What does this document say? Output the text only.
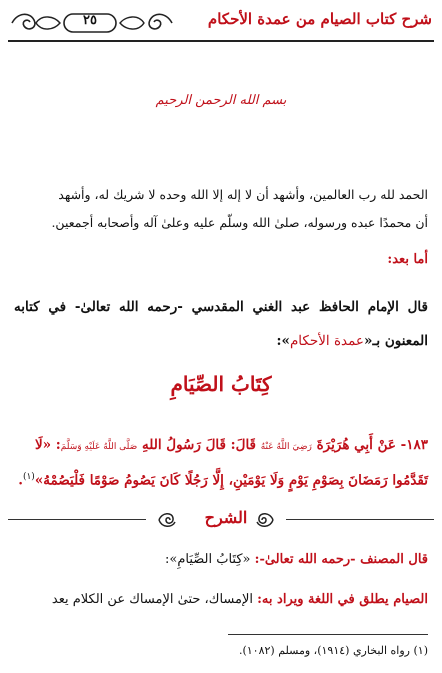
٢٥	شرح كتاب الصيام من عمدة الأحكام
بسم الله الرحمن الرحيم
الحمد لله رب العالمين، وأشهد أن لا إله إلا الله وحده لا شريك له، وأشهد
أن محمدًا عبده ورسوله، صلىٰ الله وسلّم عليه وعلىٰ آله وأصحابه أجمعين.
أما بعد:
قال الإمام الحافظ عبد الغني المقدسي -رحمه الله تعالىٰ- في كتابه المعنون بـ«عمدة الأحكام»:
كِتَابُ الصِّيَامِ
١٨٣- عَنْ أَبِي هُرَيْرَةَ رَضِيَ اللَّهُ عَنْهُ قَالَ: قَالَ رَسُولُ اللهِ صَلَّى اللَّهُ عَلَيْهِ وَسَلَّمَ: «لَا تَقَدَّمُوا رَمَضَانَ بِصَوْمِ يَوْمٍ وَلَا يَوْمَيْنِ، إِلَّا رَجُلًا كَانَ يَصُومُ صَوْمًا فَلْيَصُمْهُ»$^{(١)}$.
الشرح
قال المصنف -رحمه الله تعالىٰ-: «كِتَابُ الصِّيَامِ»:
الصيام يطلق في اللغة ويراد به: الإمساك، حتىٰ الإمساك عن الكلام يعد
(١) رواه البخاري (١٩١٤)، ومسلم (١٠٨٢).
